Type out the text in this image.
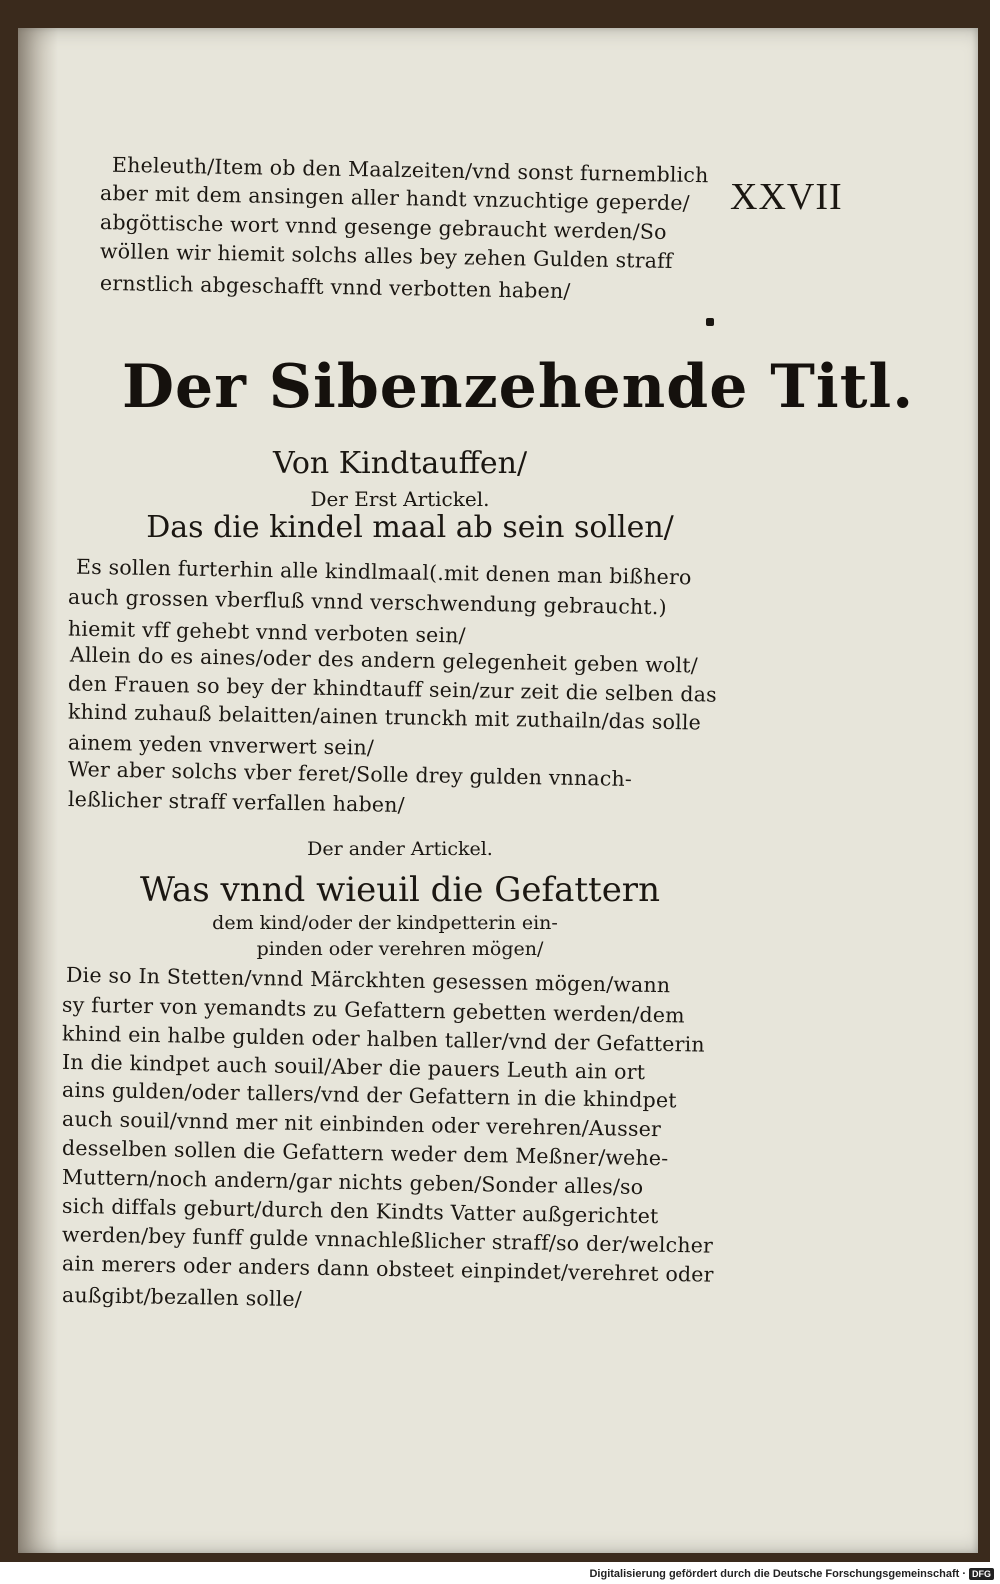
XXVII
Eheleuth/Item ob den Maalzeiten/vnd sonst furnemblich
aber mit dem ansingen aller handt vnzuchtige geperde/
abgöttische wort vnnd gesenge gebraucht werden/So
wöllen wir hiemit solchs alles bey zehen Gulden straff
ernstlich abgeschafft vnnd verbotten haben/
Der Sibenzehende Titl.
Von Kindtauffen/
Der Erst Artickel.
Das die kindel maal ab sein sollen/
Es sollen furterhin alle kindlmaal(.mit denen man bißhero
auch grossen vberfluß vnnd verschwendung gebraucht.)
hiemit vff gehebt vnnd verboten sein/
Allein do es aines/oder des andern gelegenheit geben wolt/
den Frauen so bey der khindtauff sein/zur zeit die selben das
khind zuhauß belaitten/ainen trunckh mit zuthailn/das solle
ainem yeden vnverwert sein/
Wer aber solchs vber feret/Solle drey gulden vnnach-
leßlicher straff verfallen haben/
Der ander Artickel.
Was vnnd wieuil die Gefattern
dem kind/oder der kindpetterin ein-
pinden oder verehren mögen/
Die so In Stetten/vnnd Märckhten gesessen mögen/wann
sy furter von yemandts zu Gefattern gebetten werden/dem
khind ein halbe gulden oder halben taller/vnd der Gefatterin
In die kindpet auch souil/Aber die pauers Leuth ain ort
ains gulden/oder tallers/vnd der Gefattern in die khindpet
auch souil/vnnd mer nit einbinden oder verehren/Ausser
desselben sollen die Gefattern weder dem Meßner/wehe-
Muttern/noch andern/gar nichts geben/Sonder alles/so
sich diffals geburt/durch den Kindts Vatter außgerichtet
werden/bey funff gulde vnnachleßlicher straff/so der/welcher
ain merers oder anders dann obsteet einpindet/verehret oder
außgibt/bezallen solle/
Digitalisierung gefördert durch die Deutsche Forschungsgemeinschaft · DFG
